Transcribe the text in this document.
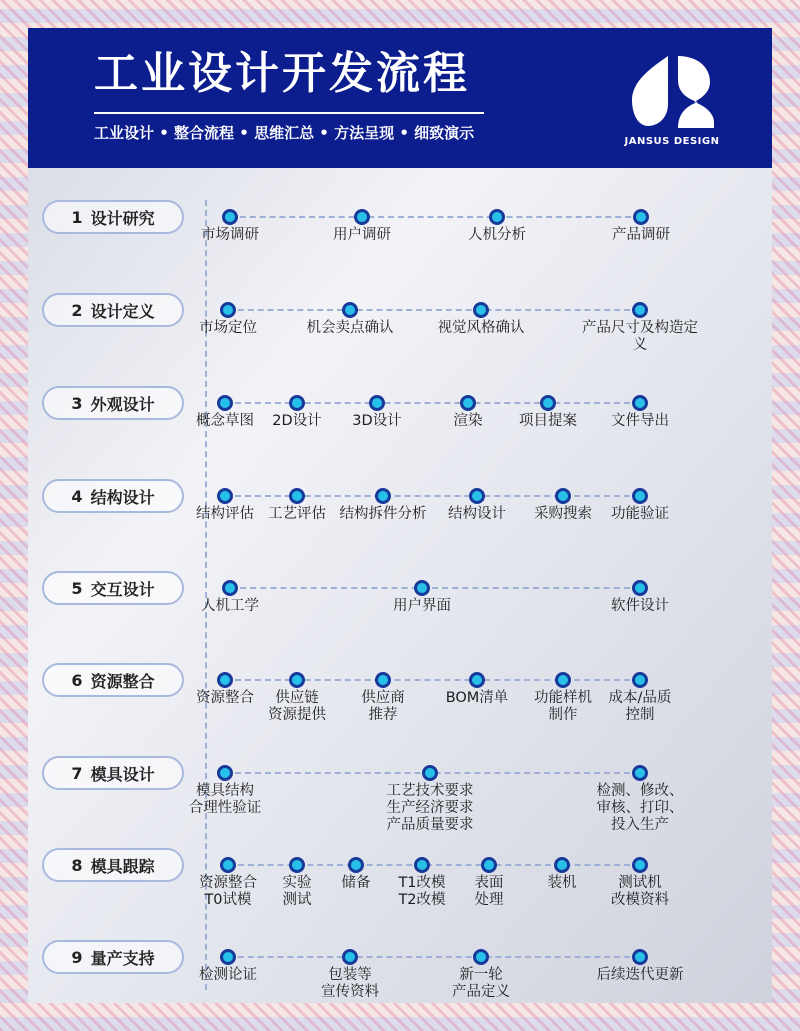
工业设计开发流程
工业设计 • 整合流程 • 思维汇总 • 方法呈现 • 细致演示	JANSUS DESIGN
1 设计研究
市场调研	用户调研	人机分析	产品调研
2 设计定义
市场定位	机会卖点确认	视觉风格确认	产品尺寸及构造定义
3 外观设计
概念草图	2D设计	3D设计	渲染	项目提案	文件导出
4 结构设计
结构评估 工艺评估 结构拆件分析	结构设计	采购搜索	功能验证
5 交互设计
人机工学	用户界面	软件设计
6 资源整合
资源整合	供应链
资源提供
供应商
推荐
BOM清单	功能样机
制作
成本/品质
控制
7 模具设计
模具结构
合理性验证
工艺技术要求
生产经济要求
产品质量要求
检测、修改、
审核、打印、
投入生产
8 模具跟踪
资源整合
T0试模
实验
测试
储备	T1改模
T2改模
表面
处理
装机	测试机
改模资料
9 量产支持
检测论证	包装等
宣传资料
新一轮
产品定义
后续迭代更新
